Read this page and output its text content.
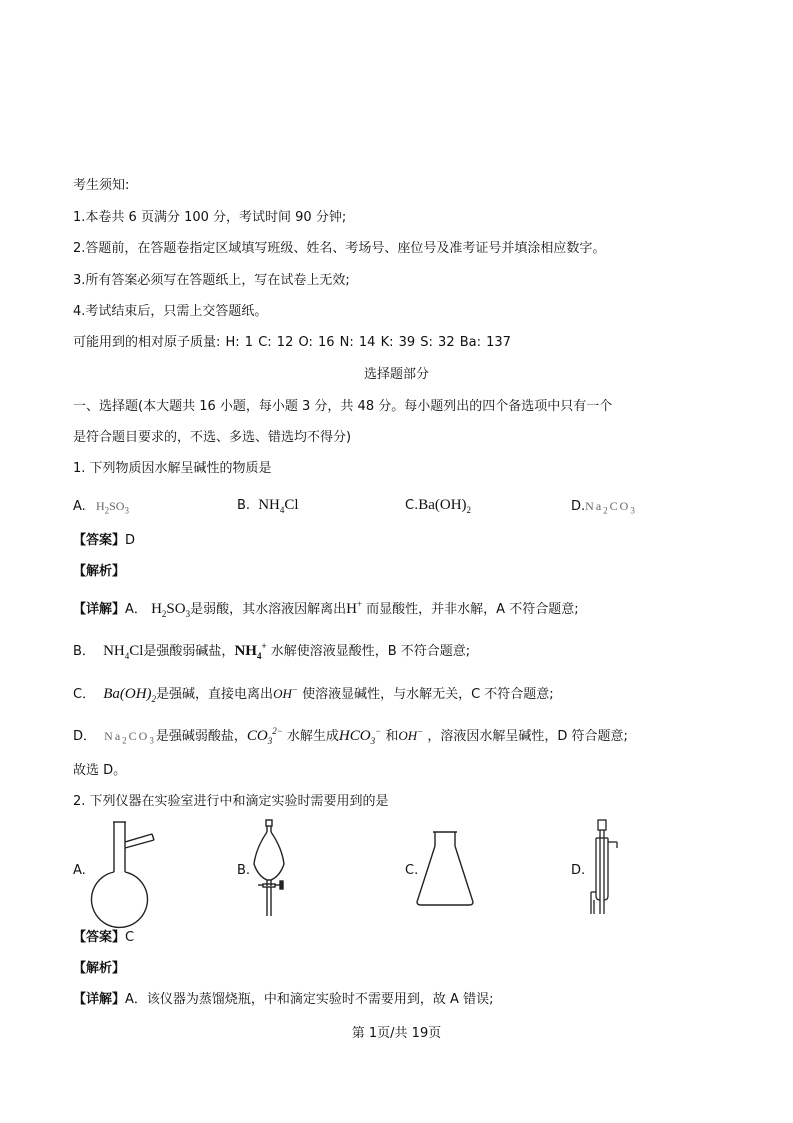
考生须知:
1.本卷共 6 页满分 100 分，考试时间 90 分钟;
2.答题前，在答题卷指定区域填写班级、姓名、考场号、座位号及准考证号并填涂相应数字。
3.所有答案必须写在答题纸上，写在试卷上无效;
4.考试结束后，只需上交答题纸。
可能用到的相对原子质量: H: 1 C: 12 O: 16 N: 14 K: 39 S: 32 Ba: 137
选择题部分
一、选择题(本大题共 16 小题，每小题 3 分，共 48 分。每小题列出的四个备选项中只有一个
是符合题目要求的，不选、多选、错选均不得分)
1. 下列物质因水解呈碱性的物质是
A. $H_2SO_3$	B. $NH_4Cl$	$C.Ba(OH)_2$	$D.Na_2CO_3$
【答案】D
【解析】
【详解】A． $H_2SO_3$是弱酸，其水溶液因解离出H+ 而显酸性，并非水解，A 不符合题意;
B． $NH_4Cl$是强酸弱碱盐，$NH_4^+$ 水解使溶液显酸性，B 不符合题意;
C． $Ba(OH)_2$是强碱，直接电离出OH− 使溶液显碱性，与水解无关，C 不符合题意;
D． $Na_2CO_3$是强碱弱酸盐，$CO_3^{2-}$ 水解生成$HCO_3^-$ 和OH− ，溶液因水解呈碱性，D 符合题意;
故选 D。
2. 下列仪器在实验室进行中和滴定实验时需要用到的是
A.	B.	C.	D.
【答案】C
【解析】
【详解】A．该仪器为蒸馏烧瓶，中和滴定实验时不需要用到，故 A 错误;
第 1页/共 19页
